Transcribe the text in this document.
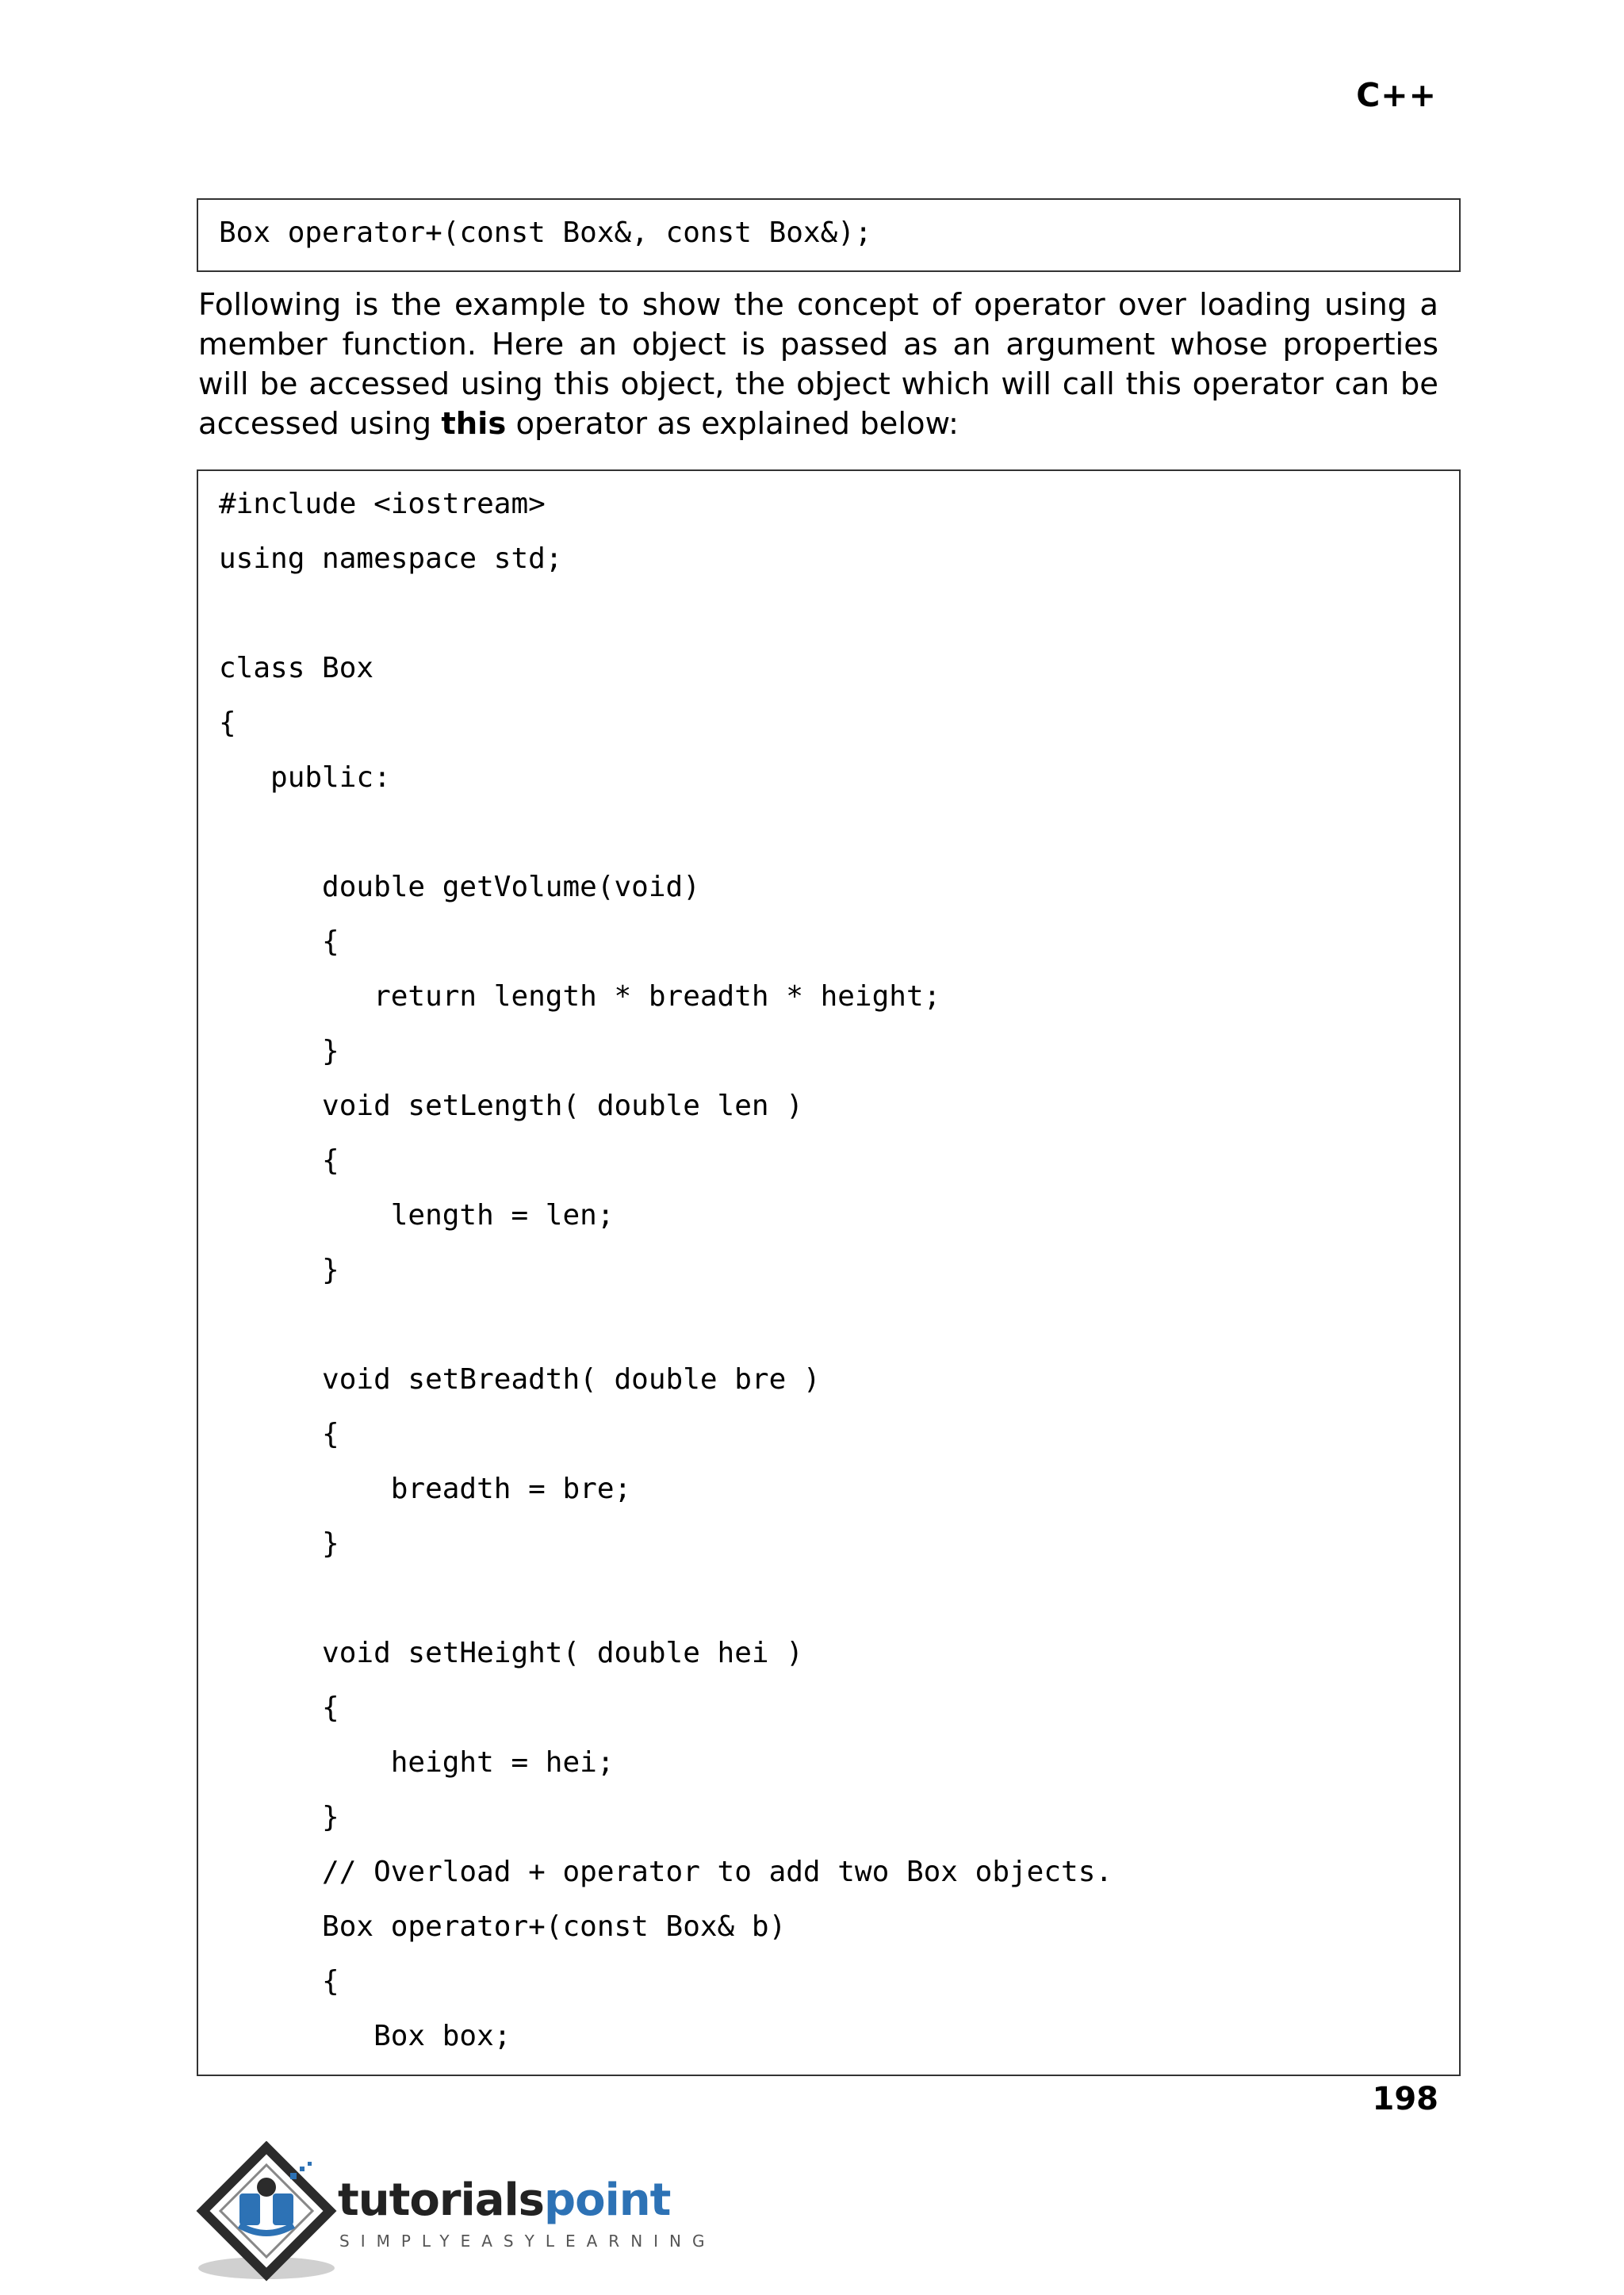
C++
Box operator+(const Box&, const Box&);
Following is the example to show the concept of operator over loading using a member function. Here an object is passed as an argument whose properties will be accessed using this object, the object which will call this operator can be accessed using this operator as explained below:
#include <iostream>
using namespace std;
class Box
{
public:
double getVolume(void)
{
return length * breadth * height;
}
void setLength( double len )
{
length = len;
}
void setBreadth( double bre )
{
breadth = bre;
}
void setHeight( double hei )
{
height = hei;
}
// Overload + operator to add two Box objects.
Box operator+(const Box& b)
{
Box box;
198
tutorialspoint
SIMPLYEASYLEARNING
